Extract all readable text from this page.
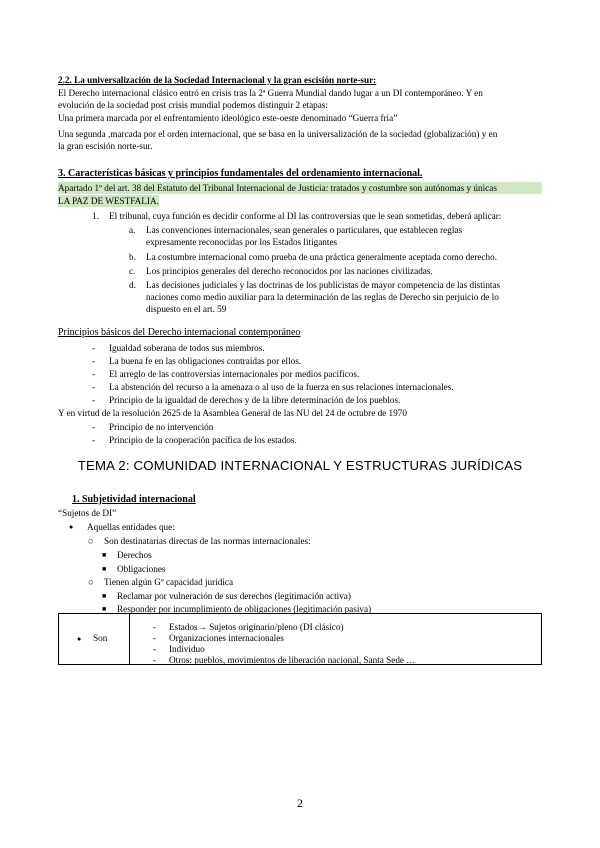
2.2. La universalización de la Sociedad Internacional y la gran escisión norte-sur:
El Derecho internacional clásico entró en crisis tras la 2ª Guerra Mundial dando lugar a un DI contemporáneo. Y en
evolución de la sociedad post crisis mundial podemos distinguir 2 etapas:
Una primera marcada por el enfrentamiento ideológico este-oeste denominado “Guerra fría”
Una segunda ,marcada por el orden internacional, que se basa en la universalización de la sociedad (globalización) y en
la gran escisión norte-sur.
3. Características básicas y principios fundamentales del ordenamiento internacional.
Apartado 1º del art. 38 del Estatuto del Tribunal Internacional de Justicia: tratados y costumbre son autónomas y únicas
LA PAZ DE WESTFALIA.
1. El tribunal, cuya función es decidir conforme al DI las controversias que le sean sometidas, deberá aplicar:
a. Las convenciones internacionales, sean generales o particulares, que establecen reglas
expresamente reconocidas por los Estados litigantes
b. La costumbre internacional como prueba de una práctica generalmente aceptada como derecho.
c. Los principios generales del derecho reconocidos por las naciones civilizadas.
d. Las decisiones judiciales y las doctrinas de los publicistas de mayor competencia de las distintas
naciones como medio auxiliar para la determinación de las reglas de Derecho sin perjuicio de lo
dispuesto en el art. 59
Principios básicos del Derecho internacional contemporáneo
- Igualdad soberana de todos sus miembros.
- La buena fe en las obligaciones contraídas por ellos.
- El arreglo de las controversias internacionales por medios pacíficos.
- La abstención del recurso a la amenaza o al uso de la fuerza en sus relaciones internacionales.
- Principio de la igualdad de derechos y de la libre determinación de los pueblos.
Y en virtud de la resolución 2625 de la Asamblea General de las NU del 24 de octubre de 1970
- Principio de no intervención
- Principio de la cooperación pacífica de los estados.
TEMA 2: COMUNIDAD INTERNACIONAL Y ESTRUCTURAS JURÍDICAS
1. Subjetividad internacional
“Sujetos de DI”
● Aquellas entidades que:
○ Son destinatarias directas de las normas internacionales:
■ Derechos
■ Obligaciones
○ Tienen algún Gº capacidad jurídica
■ Reclamar por vulneración de sus derechos (legitimación activa)
■ Responder por incumplimiento de obligaciones (legitimación pasiva)
● Son

- Estados→ Sujetos originario/pleno (DI clásico)
- Organizaciones internacionales
- Individuo
- Otros: pueblos, movimientos de liberación nacional, Santa Sede …
2
